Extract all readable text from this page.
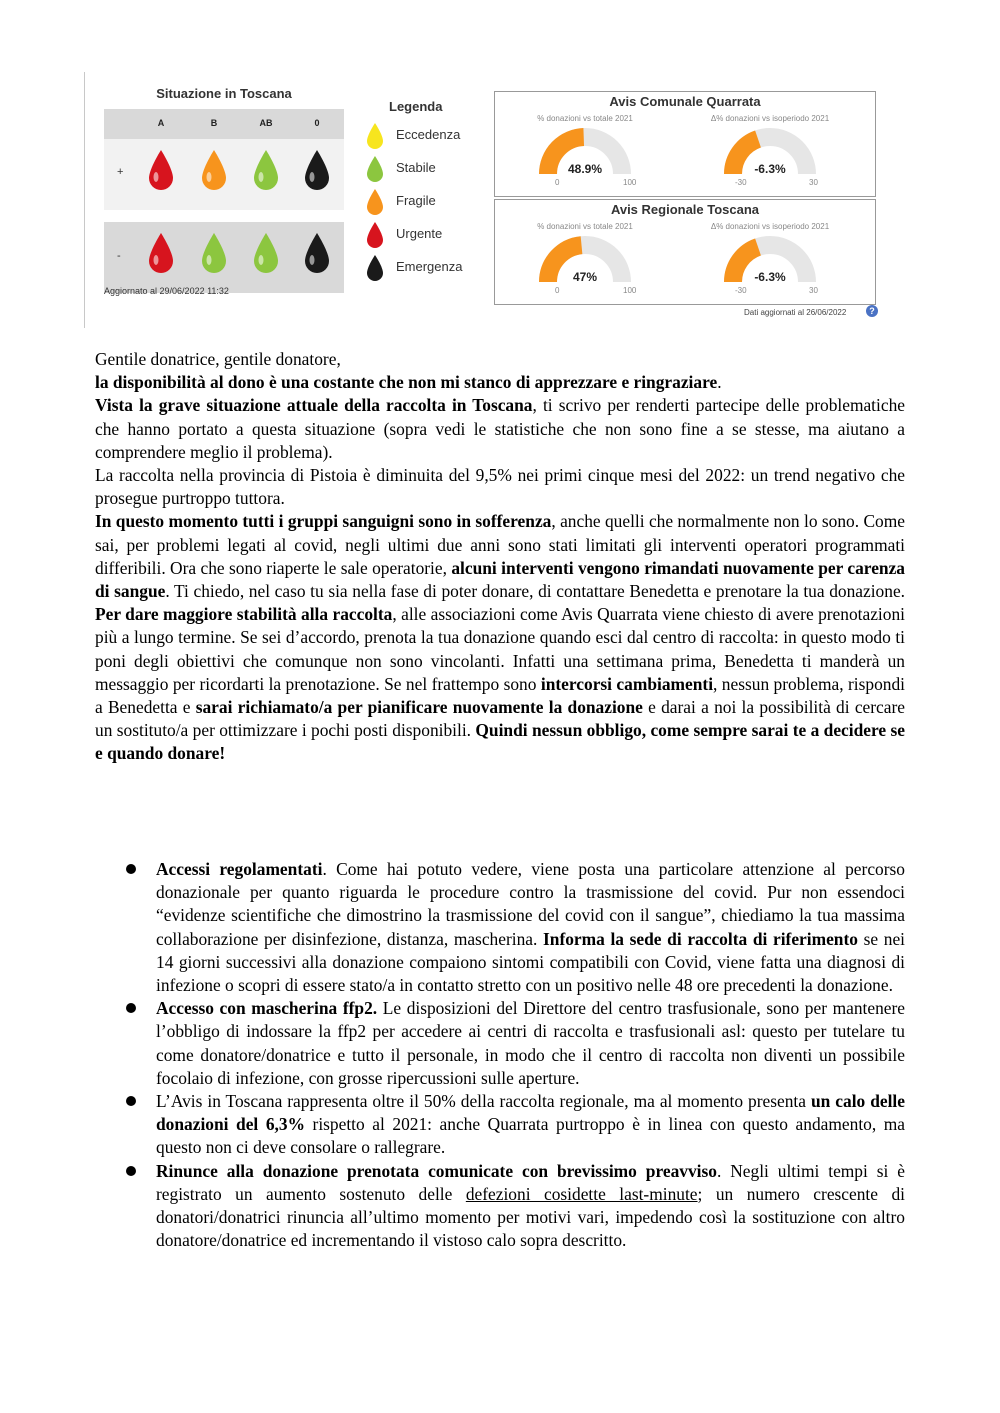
Situazione in Toscana
A	B	AB	0
+
-
Aggiornato al 29/06/2022 11:32
Legenda
Eccedenza
Stabile
Fragile
Urgente
Emergenza
Avis Comunale Quarrata
% donazioni vs totale 2021
48.9%
0	100
Δ% donazioni vs isoperiodo 2021
-6.3%
-30	30
Avis Regionale Toscana
% donazioni vs totale 2021
47%
0	100
Δ% donazioni vs isoperiodo 2021
-6.3%
-30	30
Dati aggiornati al 26/06/2022	?

Gentile donatrice, gentile donatore,

la disponibilità al dono è una costante che non mi stanco di apprezzare e ringraziare.

Vista la grave situazione attuale della raccolta in Toscana, ti scrivo per renderti partecipe delle problematiche che hanno portato a questa situazione (sopra vedi le statistiche che non sono fine a se stesse, ma aiutano a comprendere meglio il problema).

La raccolta nella provincia di Pistoia è diminuita del 9,5% nei primi cinque mesi del 2022: un trend negativo che prosegue purtroppo tuttora.

In questo momento tutti i gruppi sanguigni sono in sofferenza, anche quelli che normalmente non lo sono. Come sai, per problemi legati al covid, negli ultimi due anni sono stati limitati gli interventi operatori programmati differibili. Ora che sono riaperte le sale operatorie, alcuni interventi vengono rimandati nuovamente per carenza di sangue. Ti chiedo, nel caso tu sia nella fase di poter donare, di contattare Benedetta e prenotare la tua donazione. Per dare maggiore stabilità alla raccolta, alle associazioni come Avis Quarrata viene chiesto di avere prenotazioni più a lungo termine. Se sei d’accordo, prenota la tua donazione quando esci dal centro di raccolta: in questo modo ti poni degli obiettivi che comunque non sono vincolanti. Infatti una settimana prima, Benedetta ti manderà un messaggio per ricordarti la prenotazione. Se nel frattempo sono intercorsi cambiamenti, nessun problema, rispondi a Benedetta e sarai richiamato/a per pianificare nuovamente la donazione e darai a noi la possibilità di cercare un sostituto/a per ottimizzare i pochi posti disponibili. Quindi nessun obbligo, come sempre sarai te a decidere se e quando donare!

Accessi regolamentati. Come hai potuto vedere, viene posta una particolare attenzione al percorso donazionale per quanto riguarda le procedure contro la trasmissione del covid. Pur non essendoci “evidenze scientifiche che dimostrino la trasmissione del covid con il sangue”, chiediamo la tua massima collaborazione per disinfezione, distanza, mascherina. Informa la sede di raccolta di riferimento se nei 14 giorni successivi alla donazione compaiono sintomi compatibili con Covid, viene fatta una diagnosi di infezione o scopri di essere stato/a in contatto stretto con un positivo nelle 48 ore precedenti la donazione.
Accesso con mascherina ffp2. Le disposizioni del Direttore del centro trasfusionale, sono per mantenere l’obbligo di indossare la ffp2 per accedere ai centri di raccolta e trasfusionali asl: questo per tutelare tu come donatore/donatrice e tutto il personale, in modo che il centro di raccolta non diventi un possibile focolaio di infezione, con grosse ripercussioni sulle aperture.
L’Avis in Toscana rappresenta oltre il 50% della raccolta regionale, ma al momento presenta un calo delle donazioni del 6,3% rispetto al 2021: anche Quarrata purtroppo è in linea con questo andamento, ma questo non ci deve consolare o rallegrare.
Rinunce alla donazione prenotata comunicate con brevissimo preavviso. Negli ultimi tempi si è registrato un aumento sostenuto delle defezioni cosidette last-minute; un numero crescente di donatori/donatrici rinuncia all’ultimo momento per motivi vari, impedendo così la sostituzione con altro donatore/donatrice ed incrementando il vistoso calo sopra descritto.
